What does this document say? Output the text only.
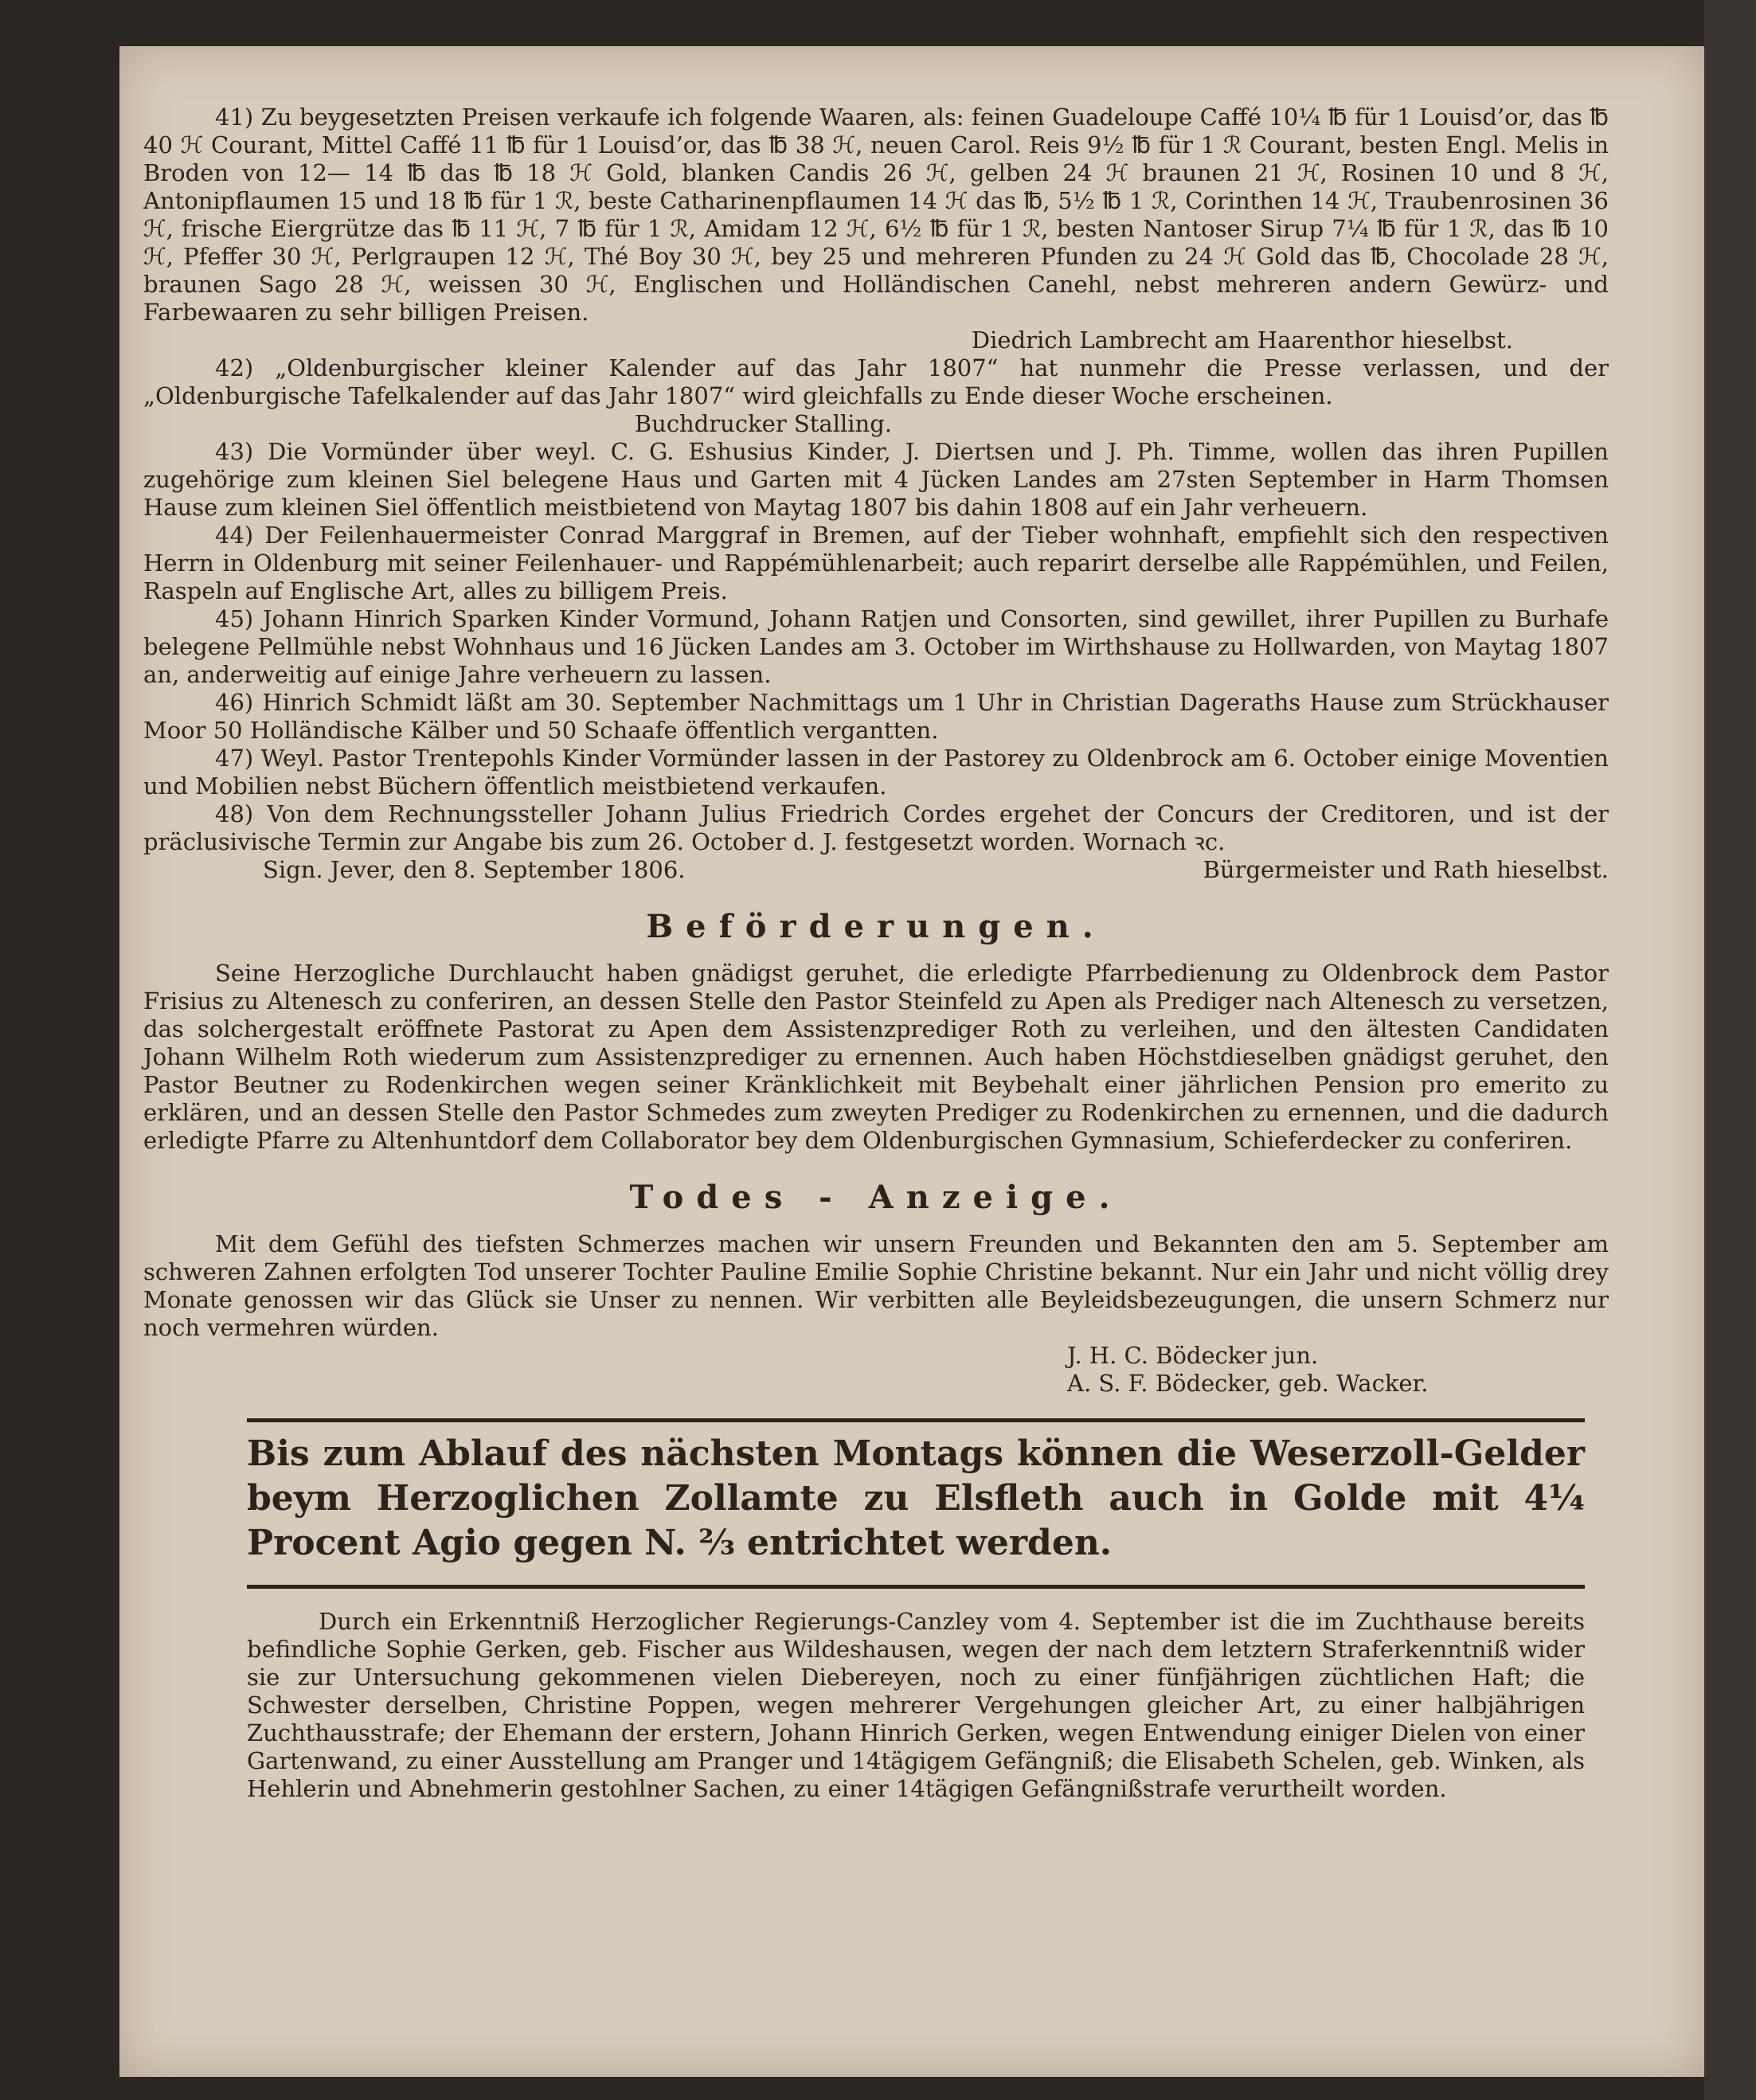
41) Zu beygesetzten Preisen verkaufe ich folgende Waaren, als: feinen Guadeloupe Caffé 10¼ ℔ für 1 Louisd’or, das ℔ 40 ℋ Courant, Mittel Caffé 11 ℔ für 1 Louisd’or, das ℔ 38 ℋ, neuen Carol. Reis 9½ ℔ für 1 ℛ Courant, besten Engl. Melis in Broden von 12— 14 ℔ das ℔ 18 ℋ Gold, blanken Candis 26 ℋ, gelben 24 ℋ braunen 21 ℋ, Rosinen 10 und 8 ℋ, Antonipflaumen 15 und 18 ℔ für 1 ℛ, beste Catharinenpflaumen 14 ℋ das ℔, 5½ ℔ 1 ℛ, Corinthen 14 ℋ, Traubenrosinen 36 ℋ, frische Eiergrütze das ℔ 11 ℋ, 7 ℔ für 1 ℛ, Amidam 12 ℋ, 6½ ℔ für 1 ℛ, besten Nantoser Sirup 7¼ ℔ für 1 ℛ, das ℔ 10 ℋ, Pfeffer 30 ℋ, Perlgraupen 12 ℋ, Thé Boy 30 ℋ, bey 25 und mehreren Pfunden zu 24 ℋ Gold das ℔, Chocolade 28 ℋ, braunen Sago 28 ℋ, weissen 30 ℋ, Englischen und Holländischen Canehl, nebst mehreren andern Gewürz- und Farbewaaren zu sehr billigen Preisen.

Diedrich Lambrecht am Haarenthor hieselbst.

42) „Oldenburgischer kleiner Kalender auf das Jahr 1807“ hat nunmehr die Presse verlassen, und der „Oldenburgische Tafelkalender auf das Jahr 1807“ wird gleichfalls zu Ende dieser Woche erscheinen.

Buchdrucker Stalling.

43) Die Vormünder über weyl. C. G. Eshusius Kinder, J. Diertsen und J. Ph. Timme, wollen das ihren Pupillen zugehörige zum kleinen Siel belegene Haus und Garten mit 4 Jücken Landes am 27sten September in Harm Thomsen Hause zum kleinen Siel öffentlich meistbietend von Maytag 1807 bis dahin 1808 auf ein Jahr verheuern.

44) Der Feilenhauermeister Conrad Marggraf in Bremen, auf der Tieber wohnhaft, empfiehlt sich den respectiven Herrn in Oldenburg mit seiner Feilenhauer- und Rappémühlenarbeit; auch reparirt derselbe alle Rappémühlen, und Feilen, Raspeln auf Englische Art, alles zu billigem Preis.

45) Johann Hinrich Sparken Kinder Vormund, Johann Ratjen und Consorten, sind gewillet, ihrer Pupillen zu Burhafe belegene Pellmühle nebst Wohnhaus und 16 Jücken Landes am 3. October im Wirthshause zu Hollwarden, von Maytag 1807 an, anderweitig auf einige Jahre verheuern zu lassen.

46) Hinrich Schmidt läßt am 30. September Nachmittags um 1 Uhr in Christian Dageraths Hause zum Strückhauser Moor 50 Holländische Kälber und 50 Schaafe öffentlich vergantten.

47) Weyl. Pastor Trentepohls Kinder Vormünder lassen in der Pastorey zu Oldenbrock am 6. October einige Moventien und Mobilien nebst Büchern öffentlich meistbietend verkaufen.

48) Von dem Rechnungssteller Johann Julius Friedrich Cordes ergehet der Concurs der Creditoren, und ist der präclusivische Termin zur Angabe bis zum 26. October d. J. festgesetzt worden. Wornach ꝛc.

Sign. Jever, den 8. September 1806.	Bürgermeister und Rath hieselbst.
Beförderungen.

Seine Herzogliche Durchlaucht haben gnädigst geruhet, die erledigte Pfarrbedienung zu Oldenbrock dem Pastor Frisius zu Altenesch zu conferiren, an dessen Stelle den Pastor Steinfeld zu Apen als Prediger nach Altenesch zu versetzen, das solchergestalt eröffnete Pastorat zu Apen dem Assistenzprediger Roth zu verleihen, und den ältesten Candidaten Johann Wilhelm Roth wiederum zum Assistenzprediger zu ernennen. Auch haben Höchstdieselben gnädigst geruhet, den Pastor Beutner zu Rodenkirchen wegen seiner Kränklichkeit mit Beybehalt einer jährlichen Pension pro emerito zu erklären, und an dessen Stelle den Pastor Schmedes zum zweyten Prediger zu Rodenkirchen zu ernennen, und die dadurch erledigte Pfarre zu Altenhuntdorf dem Collaborator bey dem Oldenburgischen Gymnasium, Schieferdecker zu conferiren.

Todes - Anzeige.

Mit dem Gefühl des tiefsten Schmerzes machen wir unsern Freunden und Bekannten den am 5. September am schweren Zahnen erfolgten Tod unserer Tochter Pauline Emilie Sophie Christine bekannt. Nur ein Jahr und nicht völlig drey Monate genossen wir das Glück sie Unser zu nennen. Wir verbitten alle Beyleidsbezeugungen, die unsern Schmerz nur noch vermehren würden.

J. H. C. Bödecker jun.
A. S. F. Bödecker, geb. Wacker.
Bis zum Ablauf des nächsten Montags können die Weserzoll-Gelder beym Herzoglichen Zollamte zu Elsfleth auch in Golde mit 4¼ Procent Agio gegen N. ⅔ entrichtet werden.

Durch ein Erkenntniß Herzoglicher Regierungs-Canzley vom 4. September ist die im Zuchthause bereits befindliche Sophie Gerken, geb. Fischer aus Wildeshausen, wegen der nach dem letztern Straferkenntniß wider sie zur Untersuchung gekommenen vielen Diebereyen, noch zu einer fünfjährigen züchtlichen Haft; die Schwester derselben, Christine Poppen, wegen mehrerer Vergehungen gleicher Art, zu einer halbjährigen Zuchthausstrafe; der Ehemann der erstern, Johann Hinrich Gerken, wegen Entwendung einiger Dielen von einer Gartenwand, zu einer Ausstellung am Pranger und 14tägigem Gefängniß; die Elisabeth Schelen, geb. Winken, als Hehlerin und Abnehmerin gestohlner Sachen, zu einer 14tägigen Gefängnißstrafe verurtheilt worden.
